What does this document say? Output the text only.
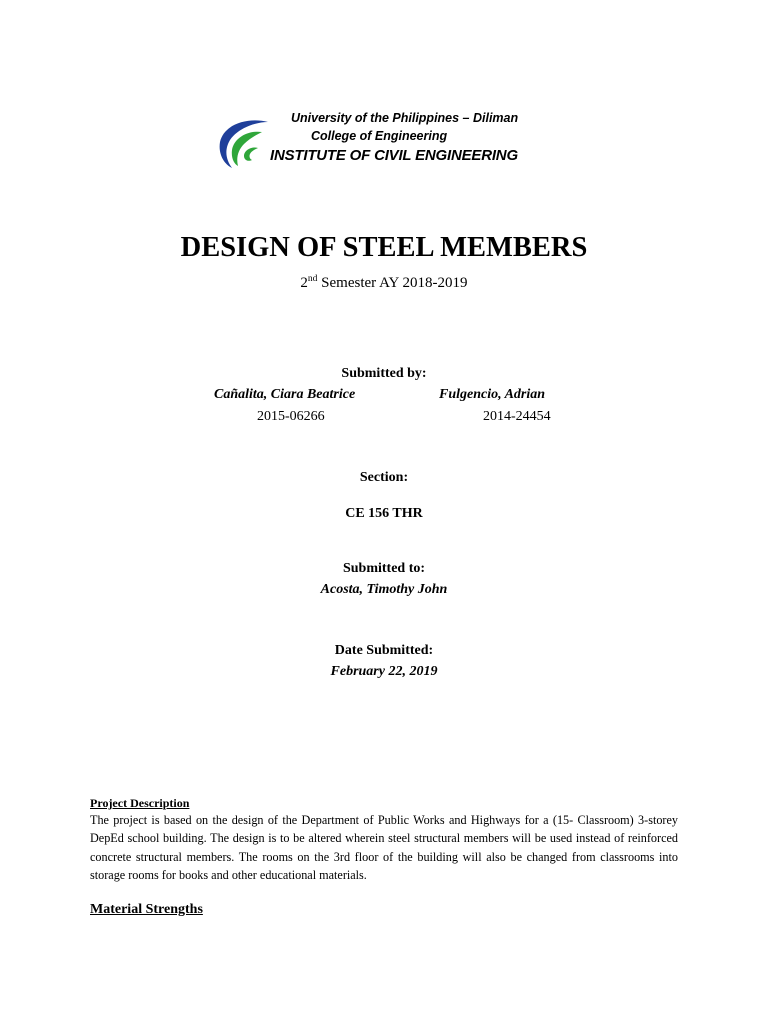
University of the Philippines – Diliman
College of Engineering
INSTITUTE OF CIVIL ENGINEERING
DESIGN OF STEEL MEMBERS
2nd Semester AY 2018-2019
Submitted by:
Cañalita, Ciara Beatrice
2015-06266
Fulgencio, Adrian
2014-24454
Section:
CE 156 THR
Submitted to:
Acosta, Timothy John
Date Submitted:
February 22, 2019
Project Description
The project is based on the design of the Department of Public Works and Highways for a (15- Classroom) 3-storey DepEd school building. The design is to be altered wherein steel structural members will be used instead of reinforced concrete structural members. The rooms on the 3rd floor of the building will also be changed from classrooms into storage rooms for books and other educational materials.
Material Strengths
